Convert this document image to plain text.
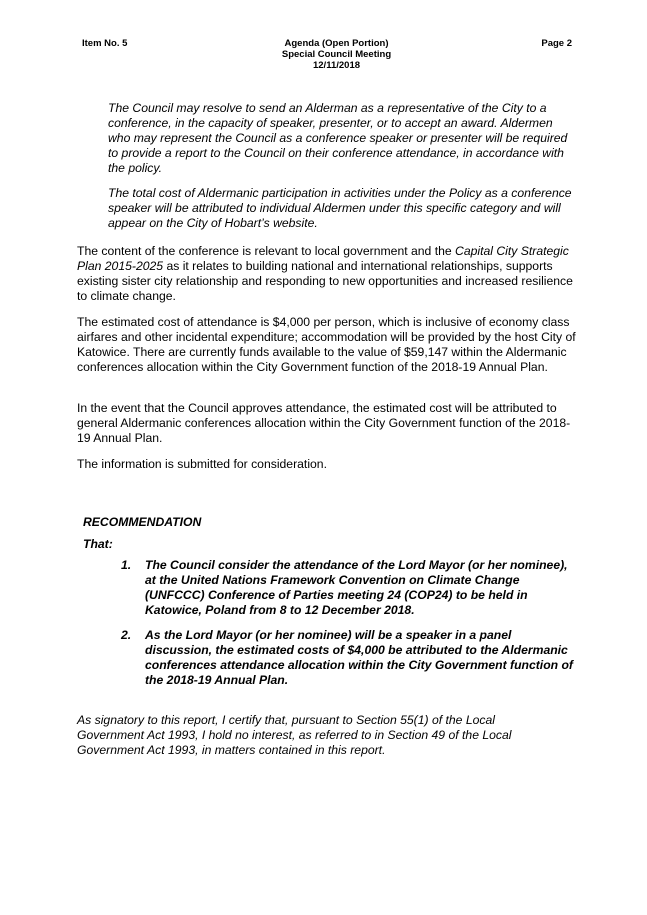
Item No. 5	Agenda (Open Portion)
Special Council Meeting
12/11/2018
Page 2

The Council may resolve to send an Alderman as a representative of the City to a conference, in the capacity of speaker, presenter, or to accept an award. Aldermen who may represent the Council as a conference speaker or presenter will be required to provide a report to the Council on their conference attendance, in accordance with the policy.

The total cost of Aldermanic participation in activities under the Policy as a conference speaker will be attributed to individual Aldermen under this specific category and will appear on the City of Hobart’s website.

The content of the conference is relevant to local government and the Capital City Strategic Plan 2015-2025 as it relates to building national and international relationships, supports existing sister city relationship and responding to new opportunities and increased resilience to climate change.

The estimated cost of attendance is $4,000 per person, which is inclusive of economy class airfares and other incidental expenditure; accommodation will be provided by the host City of Katowice. There are currently funds available to the value of $59,147 within the Aldermanic conferences allocation within the City Government function of the 2018-19 Annual Plan.

In the event that the Council approves attendance, the estimated cost will be attributed to general Aldermanic conferences allocation within the City Government function of the 2018-19 Annual Plan.

The information is submitted for consideration.

RECOMMENDATION
That:
1. The Council consider the attendance of the Lord Mayor (or her nominee), at the United Nations Framework Convention on Climate Change (UNFCCC) Conference of Parties meeting 24 (COP24) to be held in Katowice, Poland from 8 to 12 December 2018.
2. As the Lord Mayor (or her nominee) will be a speaker in a panel discussion, the estimated costs of $4,000 be attributed to the Aldermanic conferences attendance allocation within the City Government function of the 2018-19 Annual Plan.
As signatory to this report, I certify that, pursuant to Section 55(1) of the Local Government Act 1993, I hold no interest, as referred to in Section 49 of the Local Government Act 1993, in matters contained in this report.
